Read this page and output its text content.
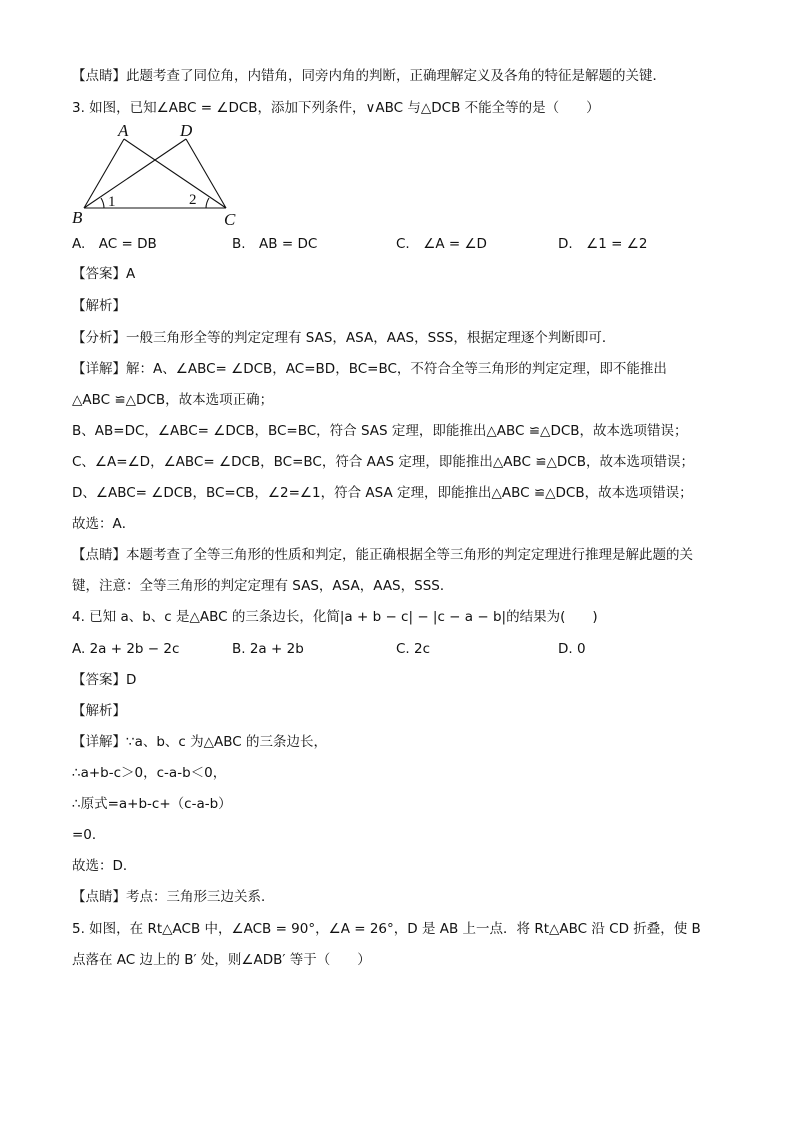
【点睛】此题考查了同位角，内错角，同旁内角的判断，正确理解定义及各角的特征是解题的关键．
3. 如图，已知∠ABC = ∠DCB，添加下列条件，∨ABC 与△DCB 不能全等的是（　　）
A	D
B	C
1	2
A.　AC = DB	B.　AB = DC	C.　∠A = ∠D	D.　∠1 = ∠2
【答案】A
【解析】
【分析】一般三角形全等的判定定理有 SAS，ASA，AAS，SSS，根据定理逐个判断即可．
【详解】解：A、∠ABC= ∠DCB，AC=BD，BC=BC，不符合全等三角形的判定定理，即不能推出
△ABC ≌△DCB，故本选项正确；
B、AB=DC，∠ABC= ∠DCB，BC=BC，符合 SAS 定理，即能推出△ABC ≌△DCB，故本选项错误；
C、∠A=∠D，∠ABC= ∠DCB，BC=BC，符合 AAS 定理，即能推出△ABC ≌△DCB，故本选项错误；
D、∠ABC= ∠DCB，BC=CB，∠2=∠1，符合 ASA 定理，即能推出△ABC ≌△DCB，故本选项错误；
故选：A．
【点睛】本题考查了全等三角形的性质和判定，能正确根据全等三角形的判定定理进行推理是解此题的关
键，注意：全等三角形的判定定理有 SAS，ASA，AAS，SSS．
4. 已知 a、b、c 是△ABC 的三条边长，化简|a + b − c| − |c − a − b|的结果为(　　)
A. 2a + 2b − 2c	B. 2a + 2b	C. 2c	D. 0
【答案】D
【解析】
【详解】∵a、b、c 为△ABC 的三条边长，
∴a+b-c＞0，c-a-b＜0，
∴原式=a+b-c+（c-a-b）
=0．
故选：D．
【点睛】考点：三角形三边关系．
5. 如图，在 Rt△ACB 中，∠ACB = 90°，∠A = 26°，D 是 AB 上一点．将 Rt△ABC 沿 CD 折叠，使 B
点落在 AC 边上的 B′ 处，则∠ADB′ 等于（　　）
